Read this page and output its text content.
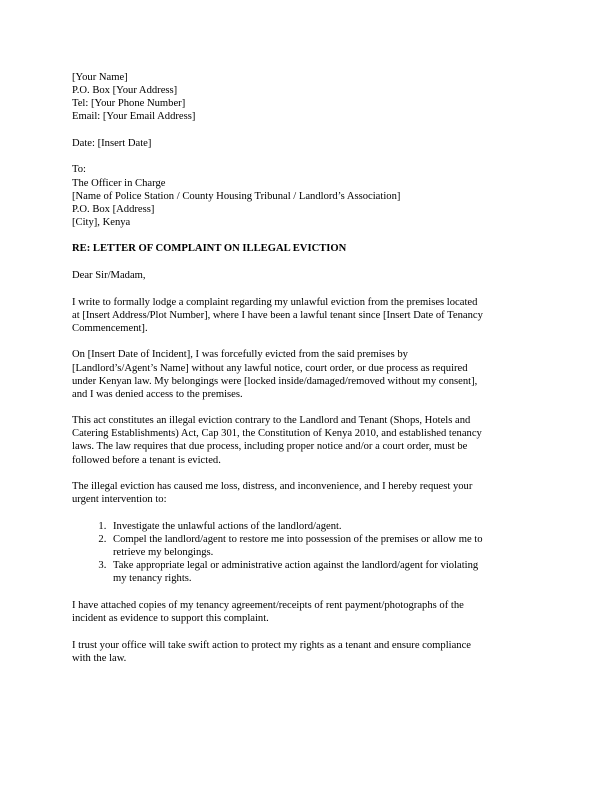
[Your Name]
P.O. Box [Your Address]
Tel: [Your Phone Number]
Email: [Your Email Address]
Date: [Insert Date]
To:
The Officer in Charge
[Name of Police Station / County Housing Tribunal / Landlord’s Association]
P.O. Box [Address]
[City], Kenya
RE: LETTER OF COMPLAINT ON ILLEGAL EVICTION
Dear Sir/Madam,

I write to formally lodge a complaint regarding my unlawful eviction from the premises located
at [Insert Address/Plot Number], where I have been a lawful tenant since [Insert Date of Tenancy
Commencement].

On [Insert Date of Incident], I was forcefully evicted from the said premises by
[Landlord’s/Agent’s Name] without any lawful notice, court order, or due process as required
under Kenyan law. My belongings were [locked inside/damaged/removed without my consent],
and I was denied access to the premises.

This act constitutes an illegal eviction contrary to the Landlord and Tenant (Shops, Hotels and
Catering Establishments) Act, Cap 301, the Constitution of Kenya 2010, and established tenancy
laws. The law requires that due process, including proper notice and/or a court order, must be
followed before a tenant is evicted.

The illegal eviction has caused me loss, distress, and inconvenience, and I hereby request your
urgent intervention to:

1. Investigate the unlawful actions of the landlord/agent.
2. Compel the landlord/agent to restore me into possession of the premises or allow me to
retrieve my belongings.
3. Take appropriate legal or administrative action against the landlord/agent for violating
my tenancy rights.

I have attached copies of my tenancy agreement/receipts of rent payment/photographs of the
incident as evidence to support this complaint.

I trust your office will take swift action to protect my rights as a tenant and ensure compliance
with the law.
